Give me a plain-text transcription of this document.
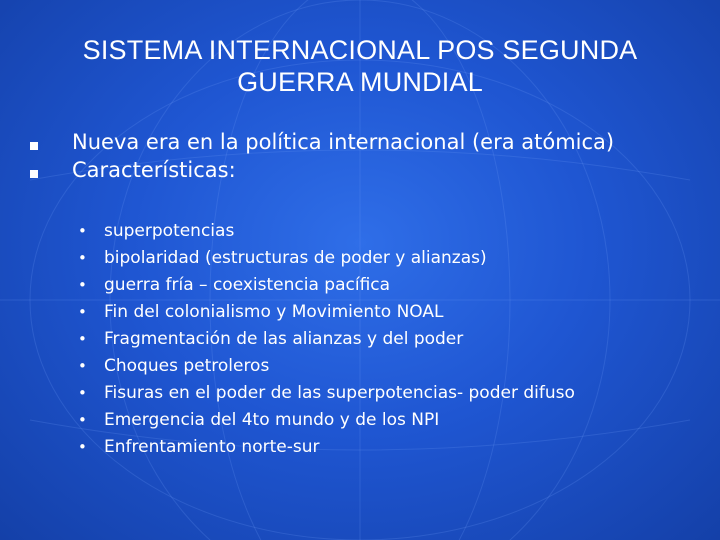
SISTEMA INTERNACIONAL POS SEGUNDA GUERRA MUNDIAL
Nueva era en la política internacional (era atómica)
Características:
• superpotencias
• bipolaridad (estructuras de poder y alianzas)
• guerra fría – coexistencia pacífica
• Fin del colonialismo y Movimiento NOAL
• Fragmentación de las alianzas y del poder
• Choques petroleros
• Fisuras en el poder de las superpotencias- poder difuso
• Emergencia del 4to mundo y de los NPI
• Enfrentamiento norte-sur
